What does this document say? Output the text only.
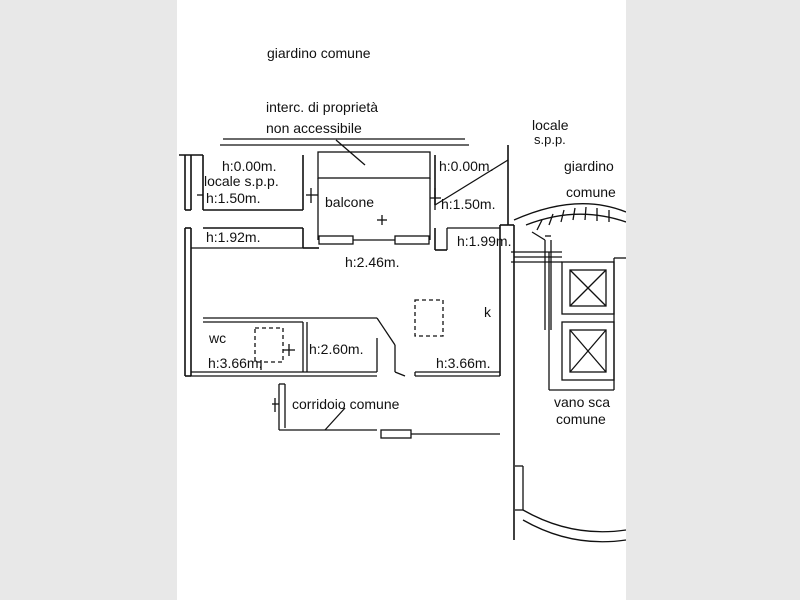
giardino comune
interc. di proprietà
non accessibile	locale
s.p.p.
giardino
comune
h:0.00m.
locale s.p.p.
h:1.50m.	balcone
h:0.00m.
h:1.50m.
h:1.92m.	h:1.99m.
h:2.46m.
k
wc
h:2.60m.
h:3.66m.	h:3.66m.
corridoio comune	vano sca
comune
